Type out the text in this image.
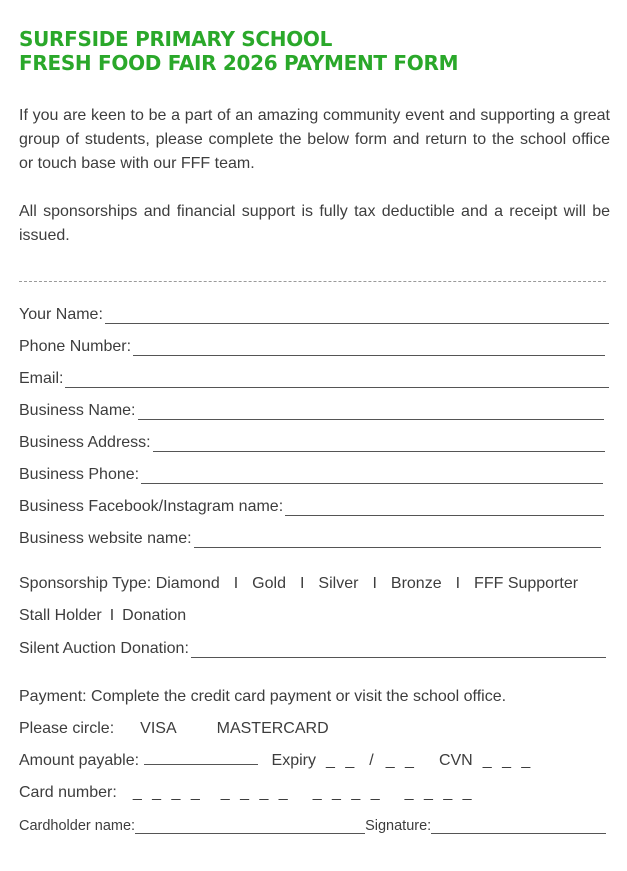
SURFSIDE PRIMARY SCHOOL
FRESH FOOD FAIR 2026 PAYMENT FORM

If you are keen to be a part of an amazing community event and supporting a great group of students, please complete the below form and return to the school office or touch base with our FFF team.

All sponsorships and financial support is fully tax deductible and a receipt will be issued.

Your Name:
Phone Number:
Email:
Business Name:
Business Address:
Business Phone:
Business Facebook/Instagram name:
Business website name:
Sponsorship Type: Diamond I Gold I Silver I Bronze I FFF Supporter
Stall Holder I Donation
Silent Auction Donation:
Payment: Complete the credit card payment or visit the school office.
Please circle: VISA	MASTERCARD
Amount payable:	Expiry _ _ / _ _ CVN _ _ _
Card number: _ _ _ _ _ _ _ _ _ _ _ _ _ _ _ _
Cardholder name:	Signature:
